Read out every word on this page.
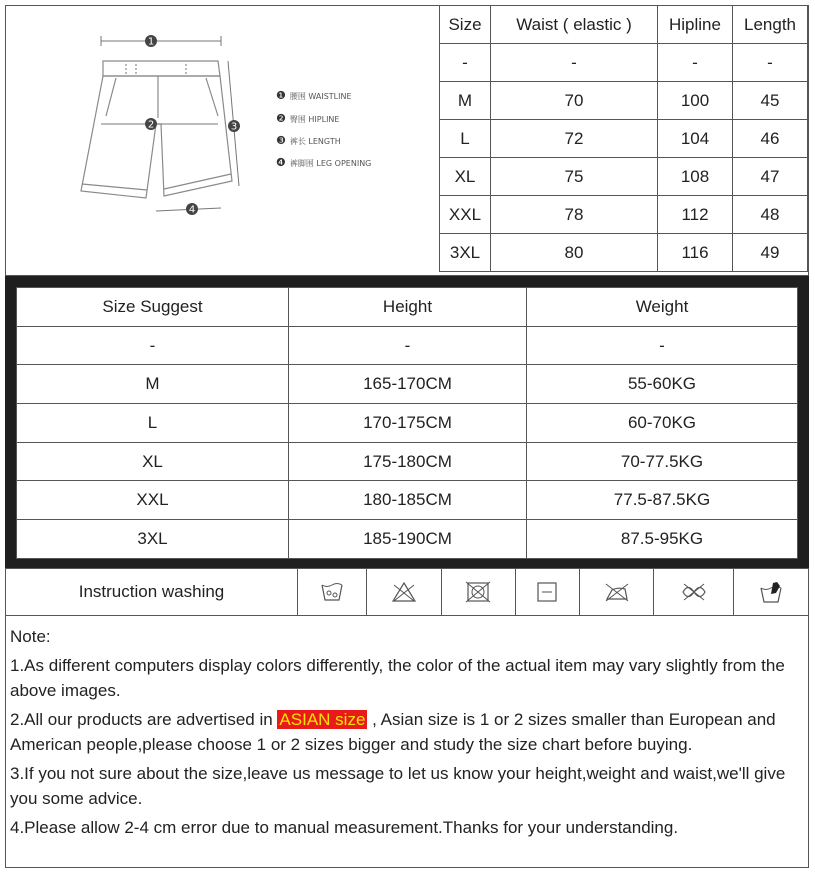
1
2	3
4
❶ 腰围 WAISTLINE
❷ 臀围 HIPLINE
❸ 裤长 LENGTH
❹ 裤脚围 LEG OPENING
Size	Waist ( elastic )	Hipline	Length
-	-	-	-
M	70	100	45
L	72	104	46
XL	75	108	47
XXL	78	112	48
3XL	80	116	49
Size Suggest	Height	Weight
-	-	-
M	165-170CM	55-60KG
L	170-175CM	60-70KG
XL	175-180CM	70-77.5KG
XXL	180-185CM	77.5-87.5KG
3XL	185-190CM	87.5-95KG
Instruction washing	

Note:

1.As different computers display colors differently, the color of the actual item may vary slightly from the above images.

2.All our products are advertised in ASIAN size , Asian size is 1 or 2 sizes smaller than European and

American people,please choose 1 or 2 sizes bigger and study the size chart before buying.

3.If you not sure about the size,leave us message to let us know your height,weight and waist,we'll give you some advice.

4.Please allow 2-4 cm error due to manual measurement.Thanks for your understanding.
